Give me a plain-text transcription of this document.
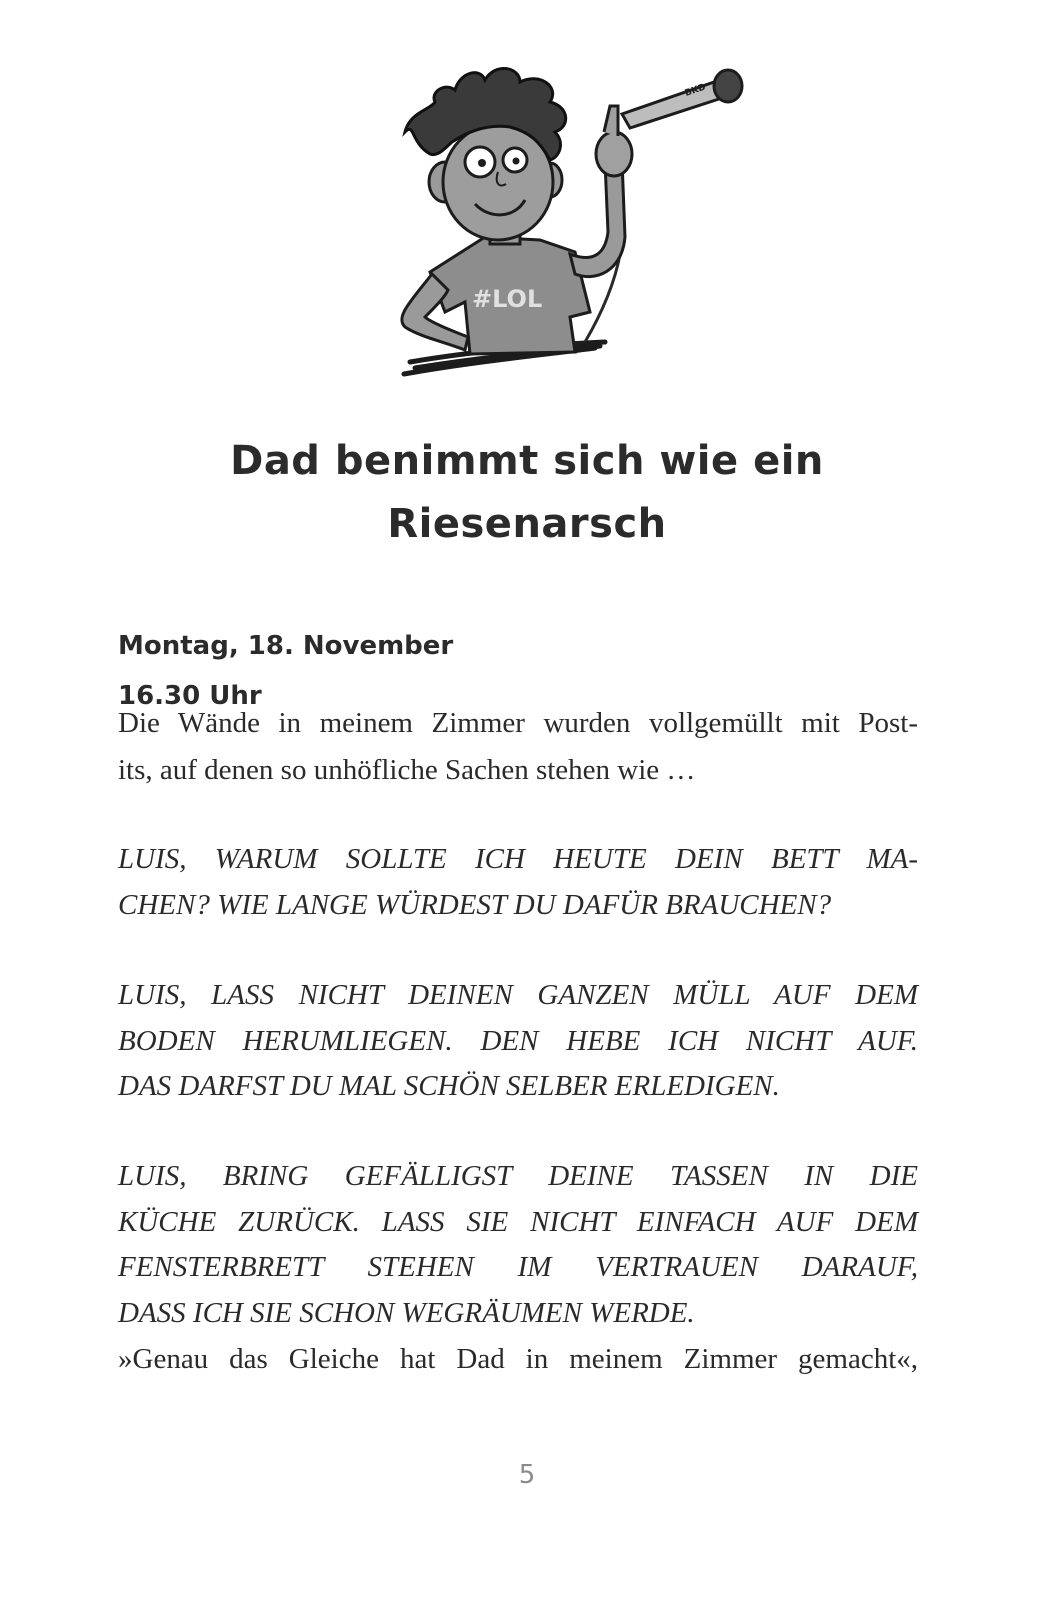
#LOL
BKD
Dad benimmt sich wie ein
Riesenarsch
Montag, 18. November
16.30 Uhr
Die Wände in meinem Zimmer wurden vollgemüllt mit Post-
its, auf denen so unhöfliche Sachen stehen wie …
LUIS, WARUM SOLLTE ICH HEUTE DEIN BETT MA-
CHEN? WIE LANGE WÜRDEST DU DAFÜR BRAUCHEN?
LUIS, LASS NICHT DEINEN GANZEN MÜLL AUF DEM
BODEN HERUMLIEGEN. DEN HEBE ICH NICHT AUF.
DAS DARFST DU MAL SCHÖN SELBER ERLEDIGEN.
LUIS, BRING GEFÄLLIGST DEINE TASSEN IN DIE
KÜCHE ZURÜCK. LASS SIE NICHT EINFACH AUF DEM
FENSTERBRETT STEHEN IM VERTRAUEN DARAUF,
DASS ICH SIE SCHON WEGRÄUMEN WERDE.
»Genau das Gleiche hat Dad in meinem Zimmer gemacht«,
5
